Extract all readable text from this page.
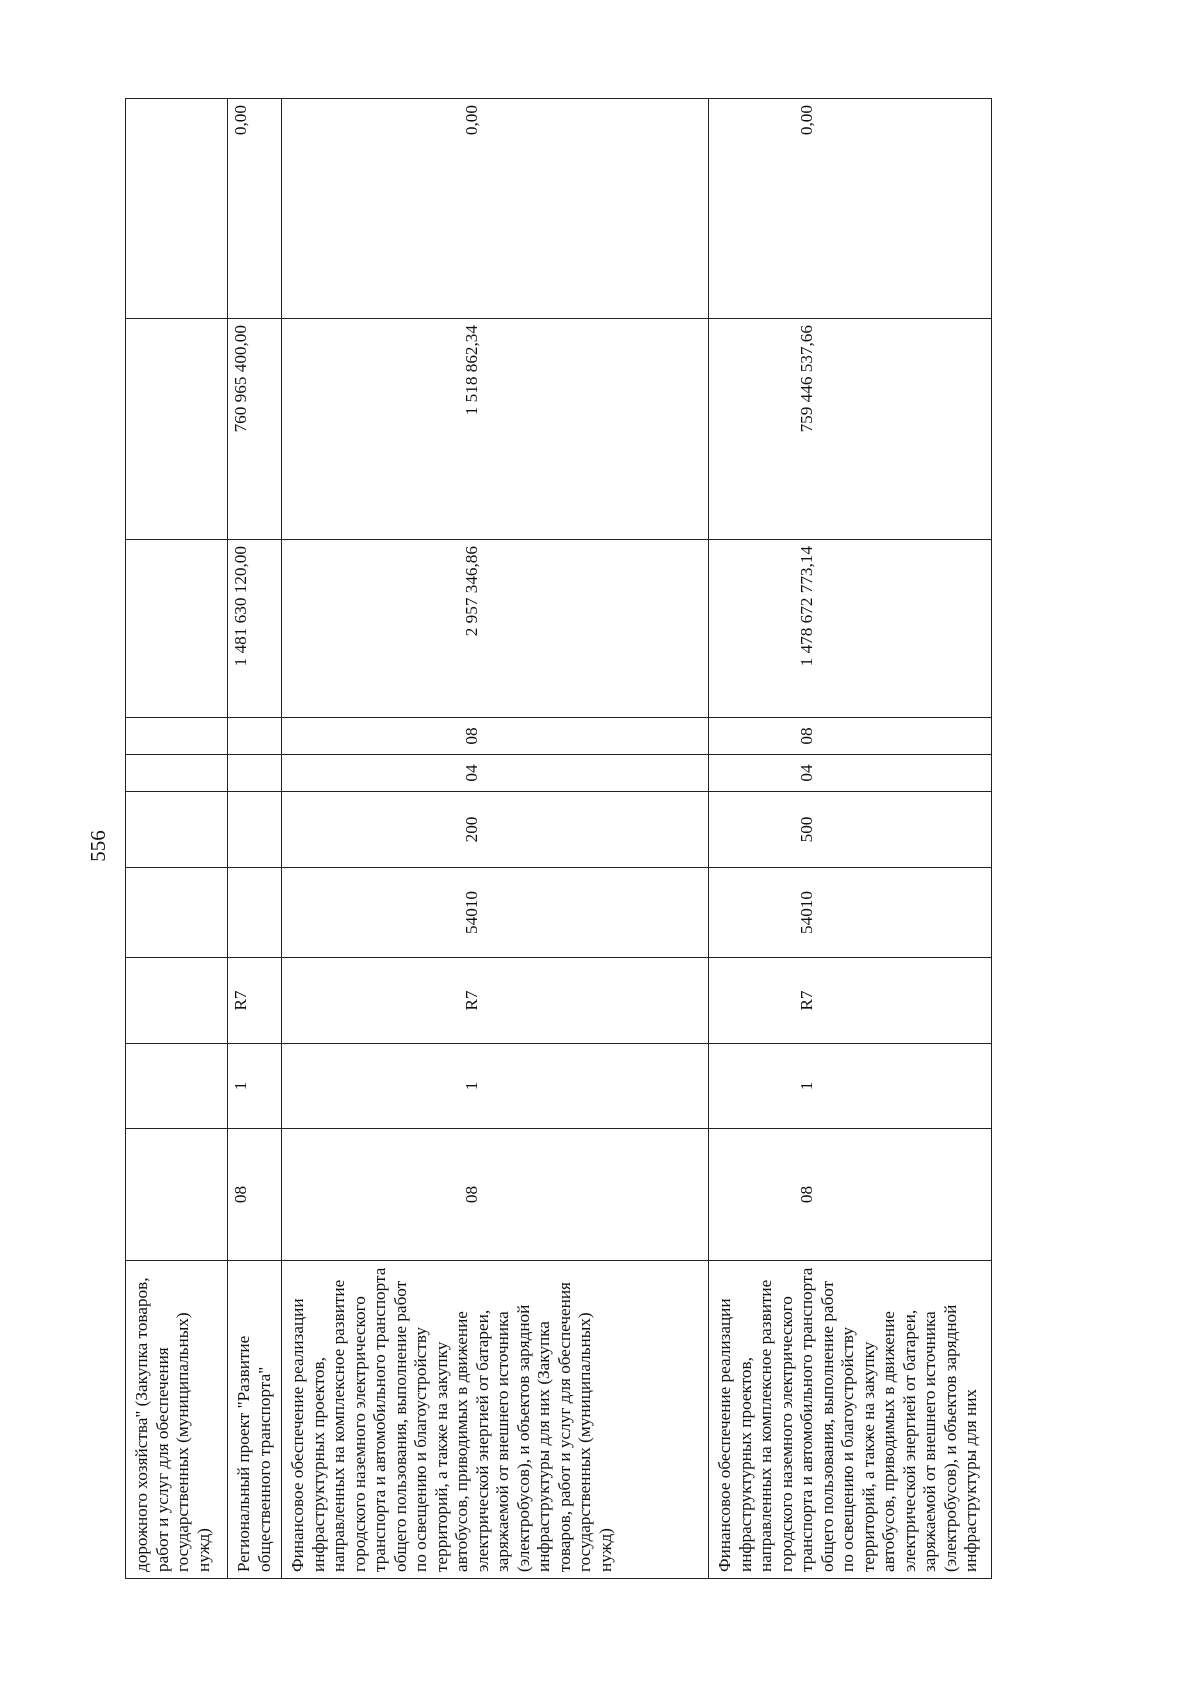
556
дорожного хозяйства" (Закупка товаров, работ и услуг для обеспечения государственных (муниципальных) нужд)										
Региональный проект "Развитие общественного транспорта"	08	1	R7					1 481 630 120,00	760 965 400,00	0,00
Финансовое обеспечение реализации инфраструктурных проектов, направленных на комплексное развитие городского наземного электрического транспорта и автомобильного транспорта общего пользования, выполнение работ по освещению и благоустройству территорий, а также на закупку автобусов, приводимых в движение электрической энергией от батареи, заряжаемой от внешнего источника (электробусов), и объектов зарядной инфраструктуры для них (Закупка товаров, работ и услуг для обеспечения государственных (муниципальных) нужд)	08	1	R7	54010	200	04	08	2 957 346,86	1 518 862,34	0,00
Финансовое обеспечение реализации инфраструктурных проектов, направленных на комплексное развитие городского наземного электрического транспорта и автомобильного транспорта общего пользования, выполнение работ по освещению и благоустройству территорий, а также на закупку автобусов, приводимых в движение электрической энергией от батареи, заряжаемой от внешнего источника (электробусов), и объектов зарядной инфраструктуры для них	08	1	R7	54010	500	04	08	1 478 672 773,14	759 446 537,66	0,00
